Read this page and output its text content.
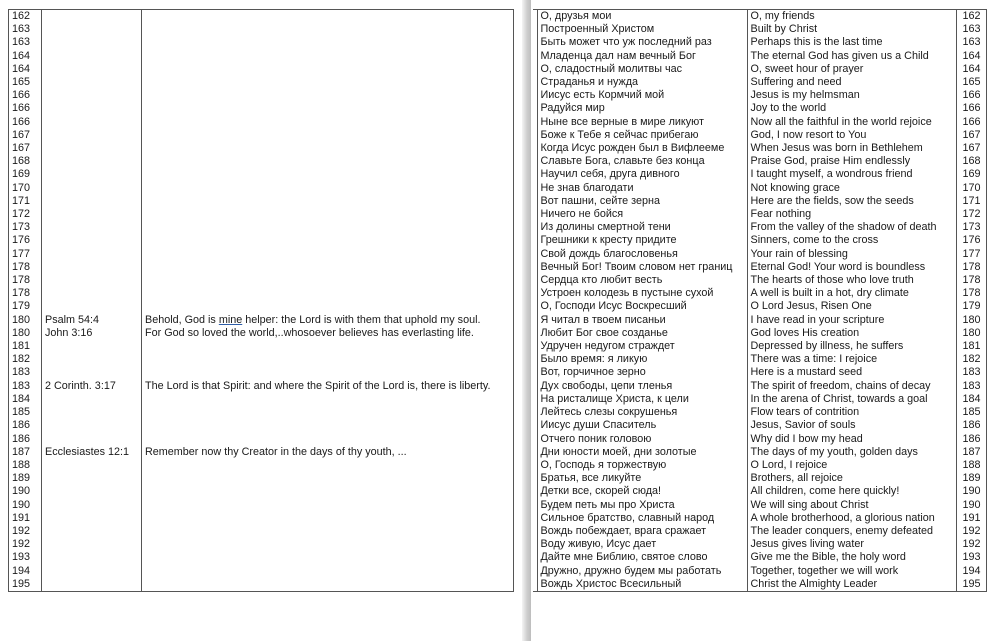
162		
163		
163		
164		
164		
165		
166		
166		
166		
167		
167		
168		
169		
170		
171		
172		
173		
176		
177		
178		
178		
178		
179		
180	Psalm 54:4	Behold, God is mine helper: the Lord is with them that uphold my soul.
180	John 3:16	For God so loved the world,..whosoever believes has everlasting life.
181		
182		
183		
183	2 Corinth. 3:17	The Lord is that Spirit: and where the Spirit of the Lord is, there is liberty.
184		
185		
186		
186		
187	Ecclesiastes 12:1	Remember now thy Creator in the days of thy youth, ...
188		
189		
190		
190		
191		
192		
192		
193		
194		
195		
	О, друзья мои	O, my friends	162
	Построенный Христом	Built by Christ	163
	Быть может что уж последний раз	Perhaps this is the last time	163
	Младенца дал нам вечный Бог	The eternal God has given us a Child	164
	О, сладостный молитвы час	O, sweet hour of prayer	164
	Страданья и нужда	Suffering and need	165
	Иисус есть Кормчий мой	Jesus is my helmsman	166
	Радуйся мир	Joy to the world	166
	Ныне все верные в мире ликуют	Now all the faithful in the world rejoice	166
	Боже к Тебе я сейчас прибегаю	God, I now resort to You	167
	Когда Исус рожден был в Вифлееме	When Jesus was born in Bethlehem	167
	Славьте Бога, славьте без конца	Praise God, praise Him endlessly	168
	Научил себя, друга дивного	I taught myself, a wondrous friend	169
	Не знав благодати	Not knowing grace	170
	Вот пашни, сейте зерна	Here are the fields, sow the seeds	171
	Ничего не бойся	Fear nothing	172
	Из долины смертной тени	From the valley of the shadow of death	173
	Грешники к кресту придите	Sinners, come to the cross	176
	Свой дождь благословенья	Your rain of blessing	177
	Вечный Бог! Твоим словом нет границ	Eternal God! Your word is boundless	178
	Сердца кто любит весть	The hearts of those who love truth	178
	Устроен колодезь в пустыне сухой	A well is built in a hot, dry climate	178
	О, Господи Исус Воскресший	O Lord Jesus, Risen One	179
	Я читал в твоем писаньи	I have read in your scripture	180
	Любит Бог свое созданье	God loves His creation	180
	Удручен недугом страждет	Depressed by illness, he suffers	181
	Было время: я ликую	There was a time: I rejoice	182
	Вот, горчичное зерно	Here is a mustard seed	183
	Дух свободы, цепи тленья	The spirit of freedom, chains of decay	183
	На ристалище Христа, к цели	In the arena of Christ, towards a goal	184
	Лейтесь слезы сокрушенья	Flow tears of contrition	185
	Иисус души Спаситель	Jesus, Savior of souls	186
	Отчего поник головою	Why did I bow my head	186
	Дни юности моей, дни золотые	The days of my youth, golden days	187
	О, Господь я торжествую	O Lord, I rejoice	188
	Братья, все ликуйте	Brothers, all rejoice	189
	Детки все, скорей сюда!	All children, come here quickly!	190
	Будем петь мы про Христа	We will sing about Christ	190
	Сильное братство, славный народ	A whole brotherhood, a glorious nation	191
	Вождь побеждает, врага сражает	The leader conquers, enemy defeated	192
	Воду живую, Исус дает	Jesus gives living water	192
	Дайте мне Библию, святое слово	Give me the Bible, the holy word	193
	Дружно, дружно будем мы работать	Together, together we will work	194
	Вождь Христос Всесильный	Christ the Almighty Leader	195
